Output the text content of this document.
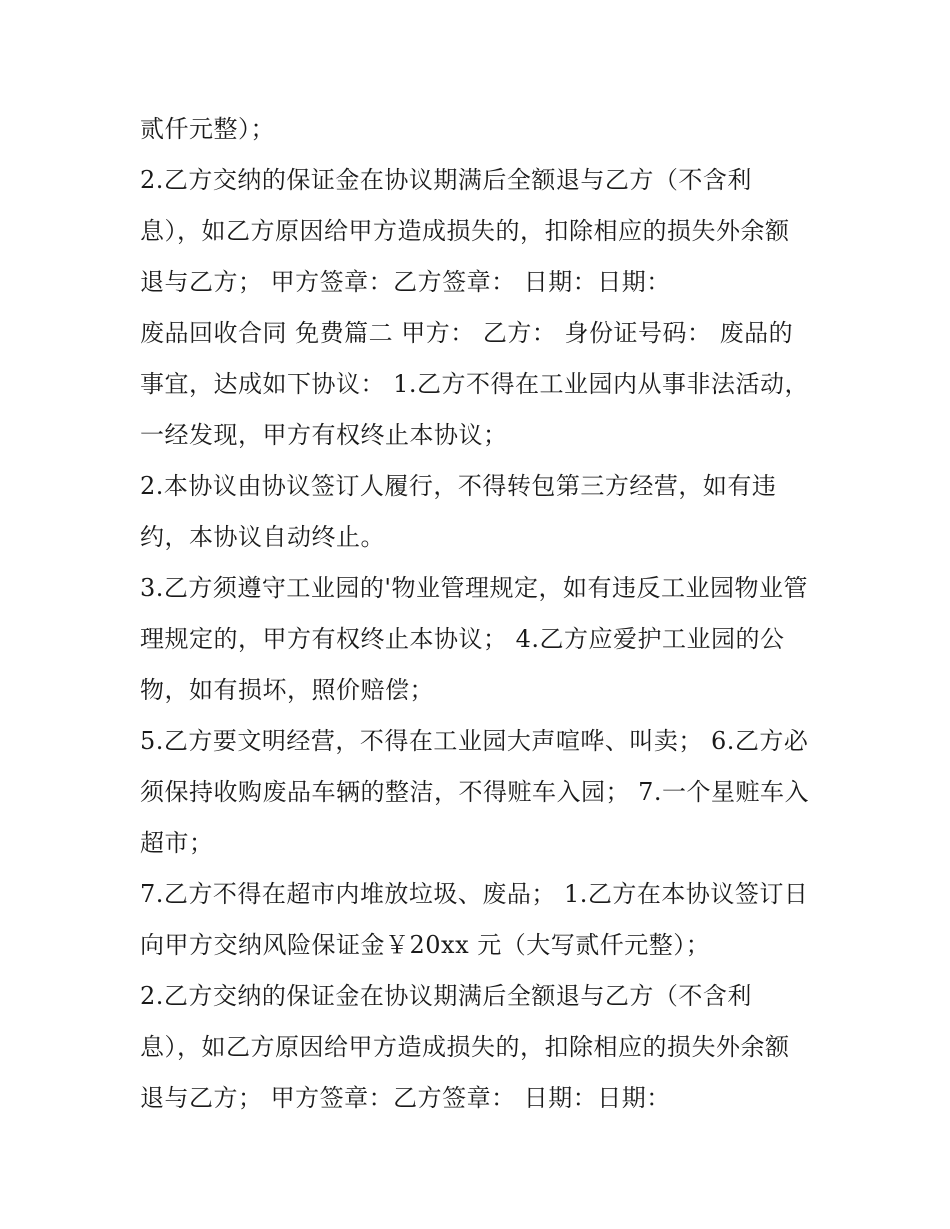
贰仟元整）；
2.乙方交纳的保证金在协议期满后全额退与乙方（不含利
息），如乙方原因给甲方造成损失的，扣除相应的损失外余额
退与乙方； 甲方签章：乙方签章： 日期：日期：
废品回收合同 免费篇二 甲方： 乙方： 身份证号码： 废品的
事宜，达成如下协议： 1.乙方不得在工业园内从事非法活动，
一经发现，甲方有权终止本协议；
2.本协议由协议签订人履行，不得转包第三方经营，如有违
约，本协议自动终止。
3.乙方须遵守工业园的'物业管理规定，如有违反工业园物业管
理规定的，甲方有权终止本协议； 4.乙方应爱护工业园的公
物，如有损坏，照价赔偿；
5.乙方要文明经营，不得在工业园大声喧哗、叫卖； 6.乙方必
须保持收购废品车辆的整洁，不得赃车入园； 7.一个星赃车入
超市；
7.乙方不得在超市内堆放垃圾、废品； 1.乙方在本协议签订日
向甲方交纳风险保证金￥20xx 元（大写贰仟元整）；
2.乙方交纳的保证金在协议期满后全额退与乙方（不含利
息），如乙方原因给甲方造成损失的，扣除相应的损失外余额
退与乙方； 甲方签章：乙方签章： 日期：日期：
